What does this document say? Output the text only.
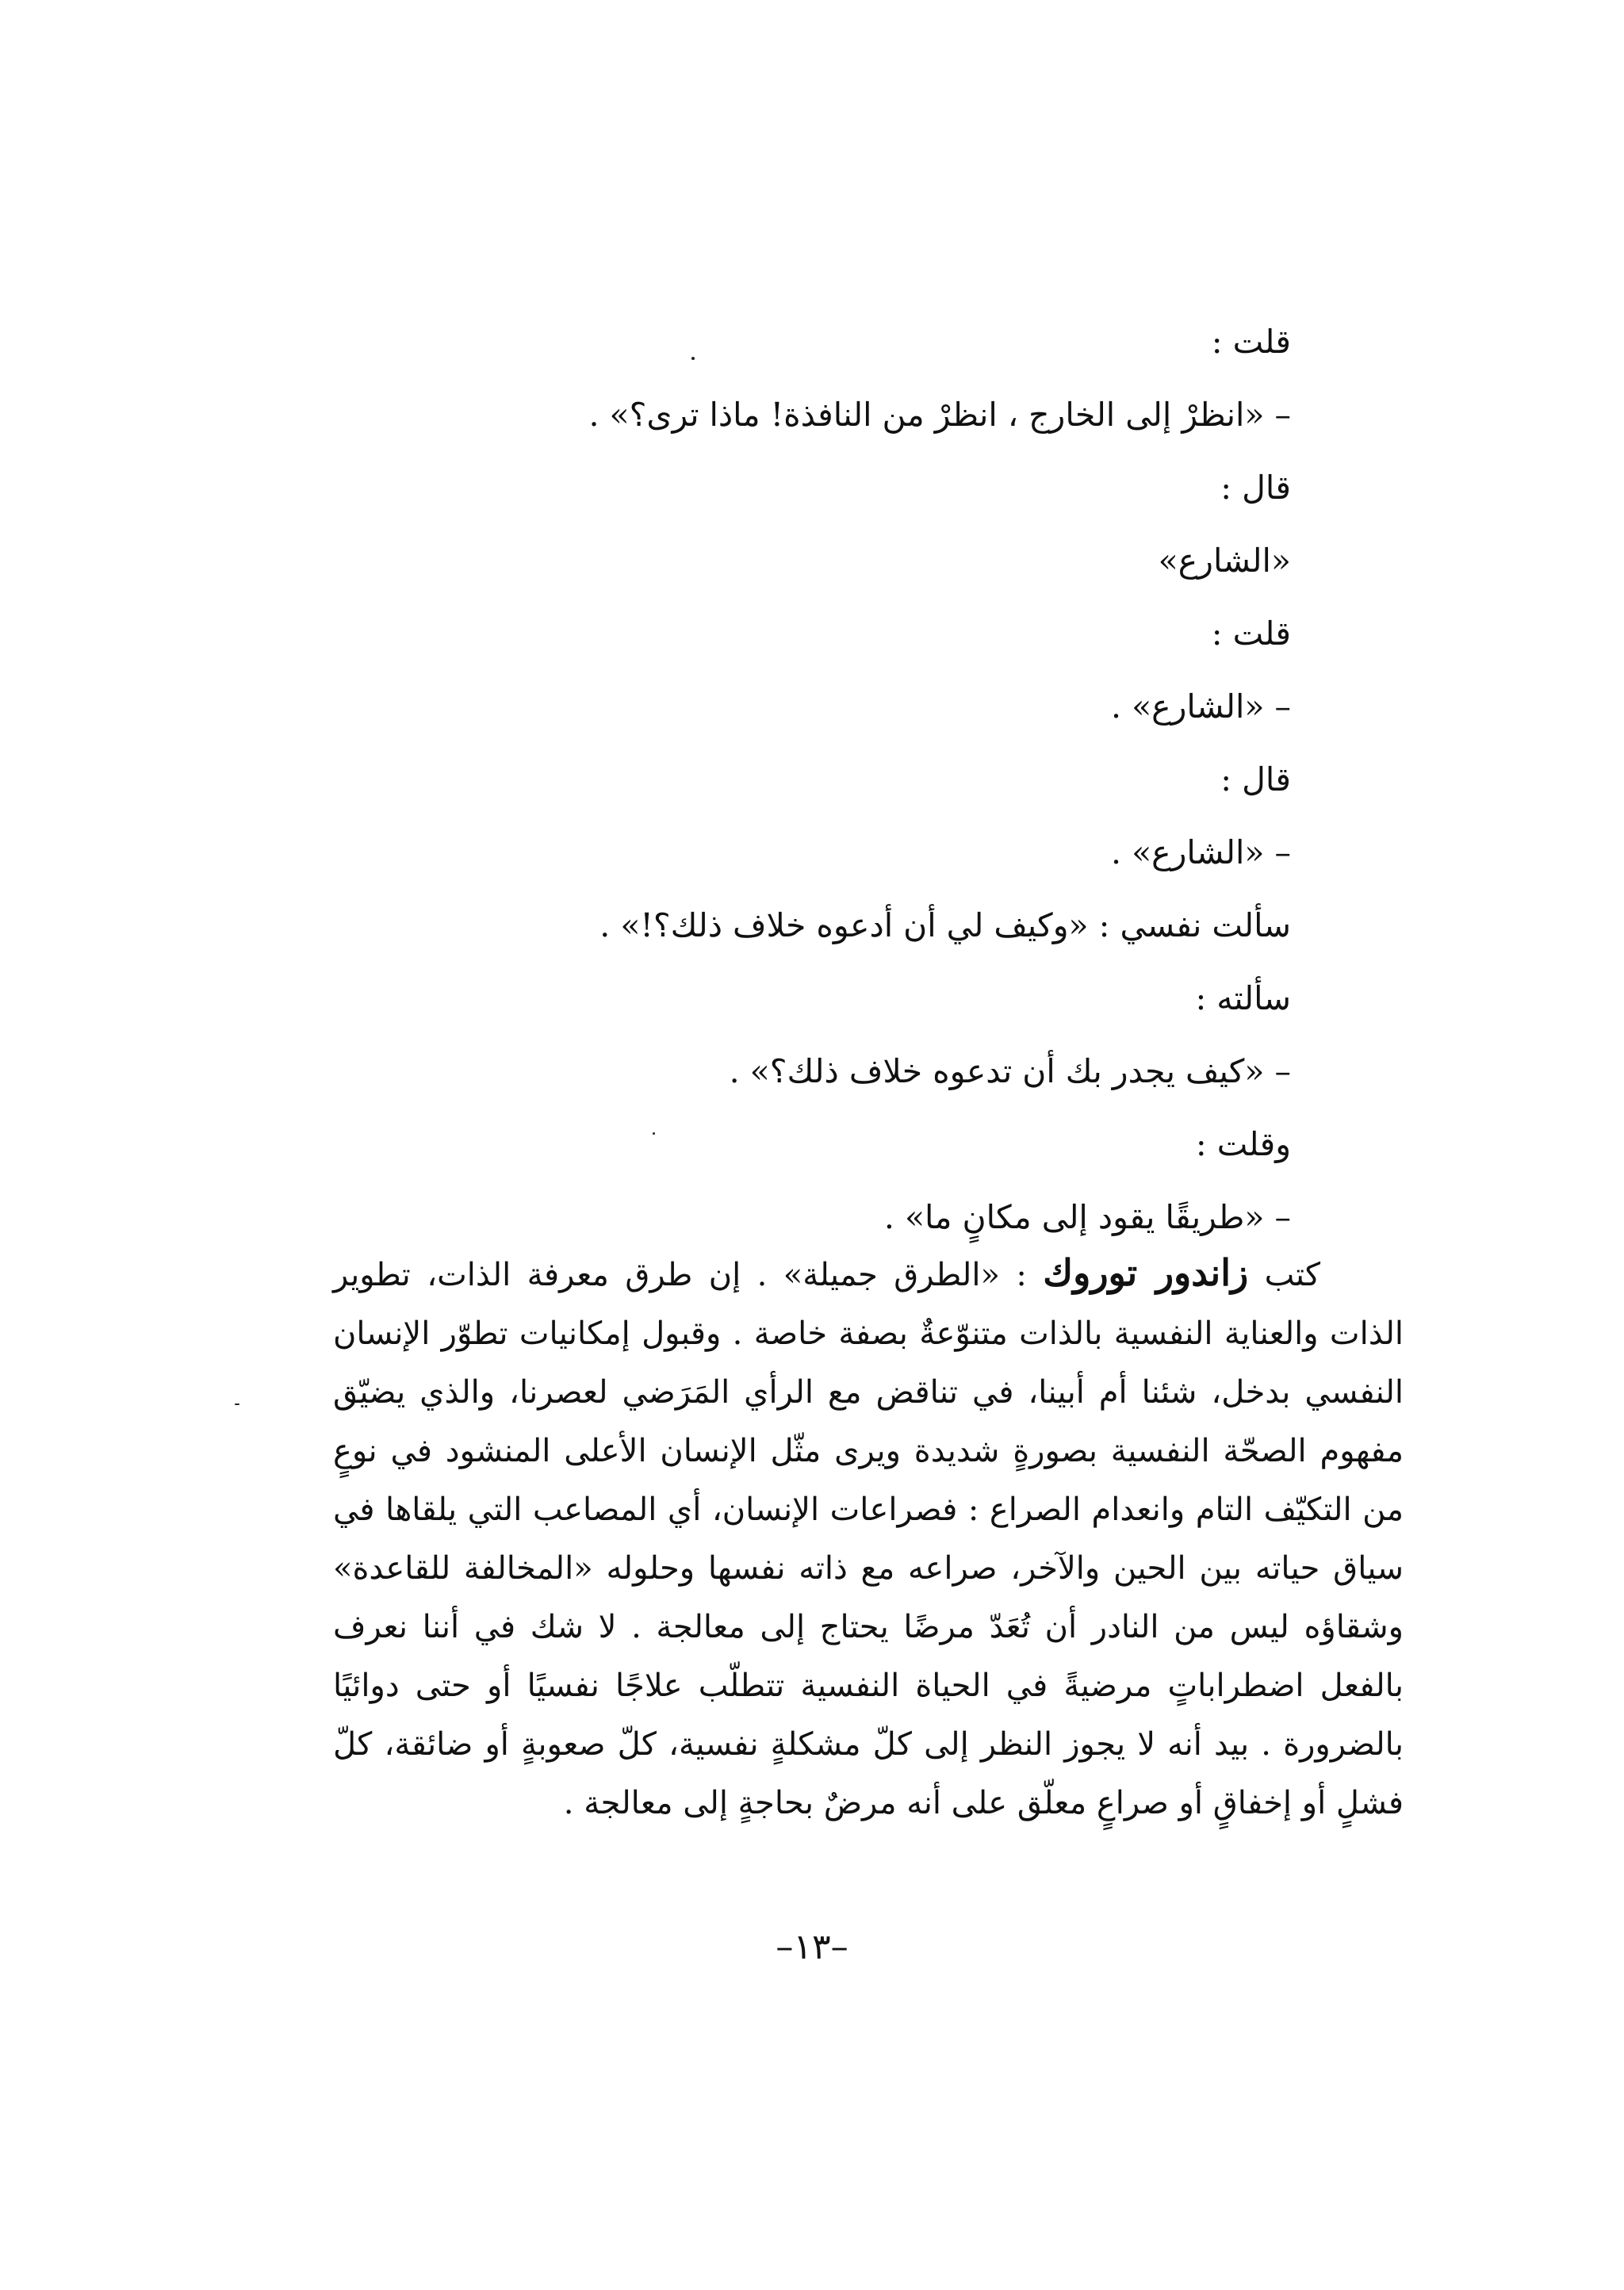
قلت :
– «انظرْ إلى الخارج ، انظرْ من النافذة! ماذا ترى؟» .
قال :
«الشارع»
قلت :
– «الشارع» .
قال :
– «الشارع» .
سألت نفسي : «وكيف لي أن أدعوه خلاف ذلك؟!» .
سألته :
– «كيف يجدر بك أن تدعوه خلاف ذلك؟» .
وقلت :
– «طريقًا يقود إلى مكانٍ ما» .

كتب زاندور توروك : «الطرق جميلة» . إن طرق معرفة الذات، تطوير الذات والعناية النفسية بالذات متنوّعةٌ بصفة خاصة . وقبول إمكانيات تطوّر الإنسان النفسي بدخل، شئنا أم أبينا، في تناقض مع الرأي المَرَضي لعصرنا، والذي يضيّق مفهوم الصحّة النفسية بصورةٍ شديدة ويرى مثّل الإنسان الأعلى المنشود في نوعٍ من التكيّف التام وانعدام الصراع : فصراعات الإنسان، أي المصاعب التي يلقاها في سياق حياته بين الحين والآخر، صراعه مع ذاته نفسها وحلوله «المخالفة للقاعدة» وشقاؤه ليس من النادر أن تُعَدّ مرضًا يحتاج إلى معالجة . لا شك في أننا نعرف بالفعل اضطراباتٍ مرضيةً في الحياة النفسية تتطلّب علاجًا نفسيًا أو حتى دوائيًا بالضرورة . بيد أنه لا يجوز النظر إلى كلّ مشكلةٍ نفسية، كلّ صعوبةٍ أو ضائقة، كلّ فشلٍ أو إخفاقٍ أو صراعٍ معلّق على أنه مرضٌ بحاجةٍ إلى معالجة .

–١٣–
